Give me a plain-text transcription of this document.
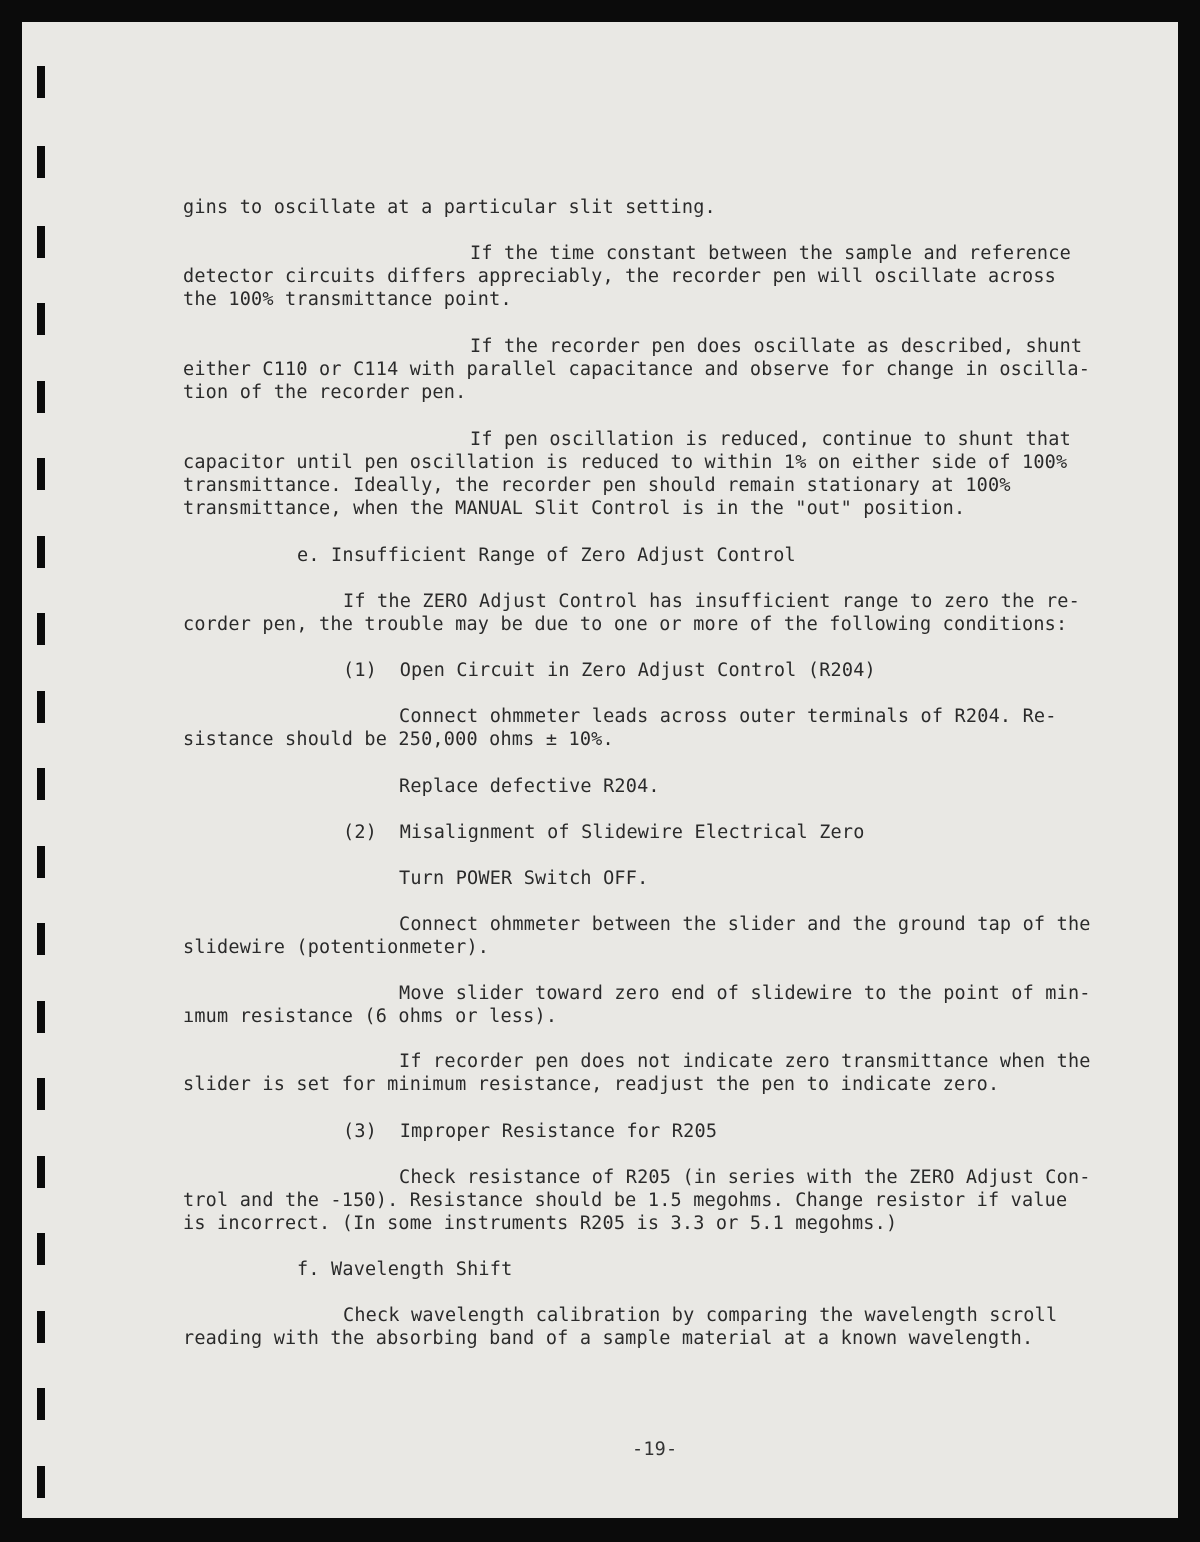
gins to oscillate at a particular slit setting.
If the time constant between the sample and reference
detector circuits differs appreciably, the recorder pen will oscillate across
the 100% transmittance point.
If the recorder pen does oscillate as described, shunt
either C110 or C114 with parallel capacitance and observe for change in oscilla-
tion of the recorder pen.
If pen oscillation is reduced, continue to shunt that
capacitor until pen oscillation is reduced to within 1% on either side of 100%
transmittance. Ideally, the recorder pen should remain stationary at 100%
transmittance, when the MANUAL Slit Control is in the "out" position.
e. Insufficient Range of Zero Adjust Control
If the ZERO Adjust Control has insufficient range to zero the re-
corder pen, the trouble may be due to one or more of the following conditions:
(1)  Open Circuit in Zero Adjust Control (R204)
Connect ohmmeter leads across outer terminals of R204. Re-
sistance should be 250,000 ohms ± 10%.
Replace defective R204.
(2)  Misalignment of Slidewire Electrical Zero
Turn POWER Switch OFF.
Connect ohmmeter between the slider and the ground tap of the
slidewire (potentionmeter).
Move slider toward zero end of slidewire to the point of min-
ımum resistance (6 ohms or less).
If recorder pen does not indicate zero transmittance when the
slider is set for minimum resistance, readjust the pen to indicate zero.
(3)  Improper Resistance for R205
Check resistance of R205 (in series with the ZERO Adjust Con-
trol and the -150). Resistance should be 1.5 megohms. Change resistor if value
is incorrect. (In some instruments R205 is 3.3 or 5.1 megohms.)
f. Wavelength Shift
Check wavelength calibration by comparing the wavelength scroll
reading with the absorbing band of a sample material at a known wavelength.
-19-
